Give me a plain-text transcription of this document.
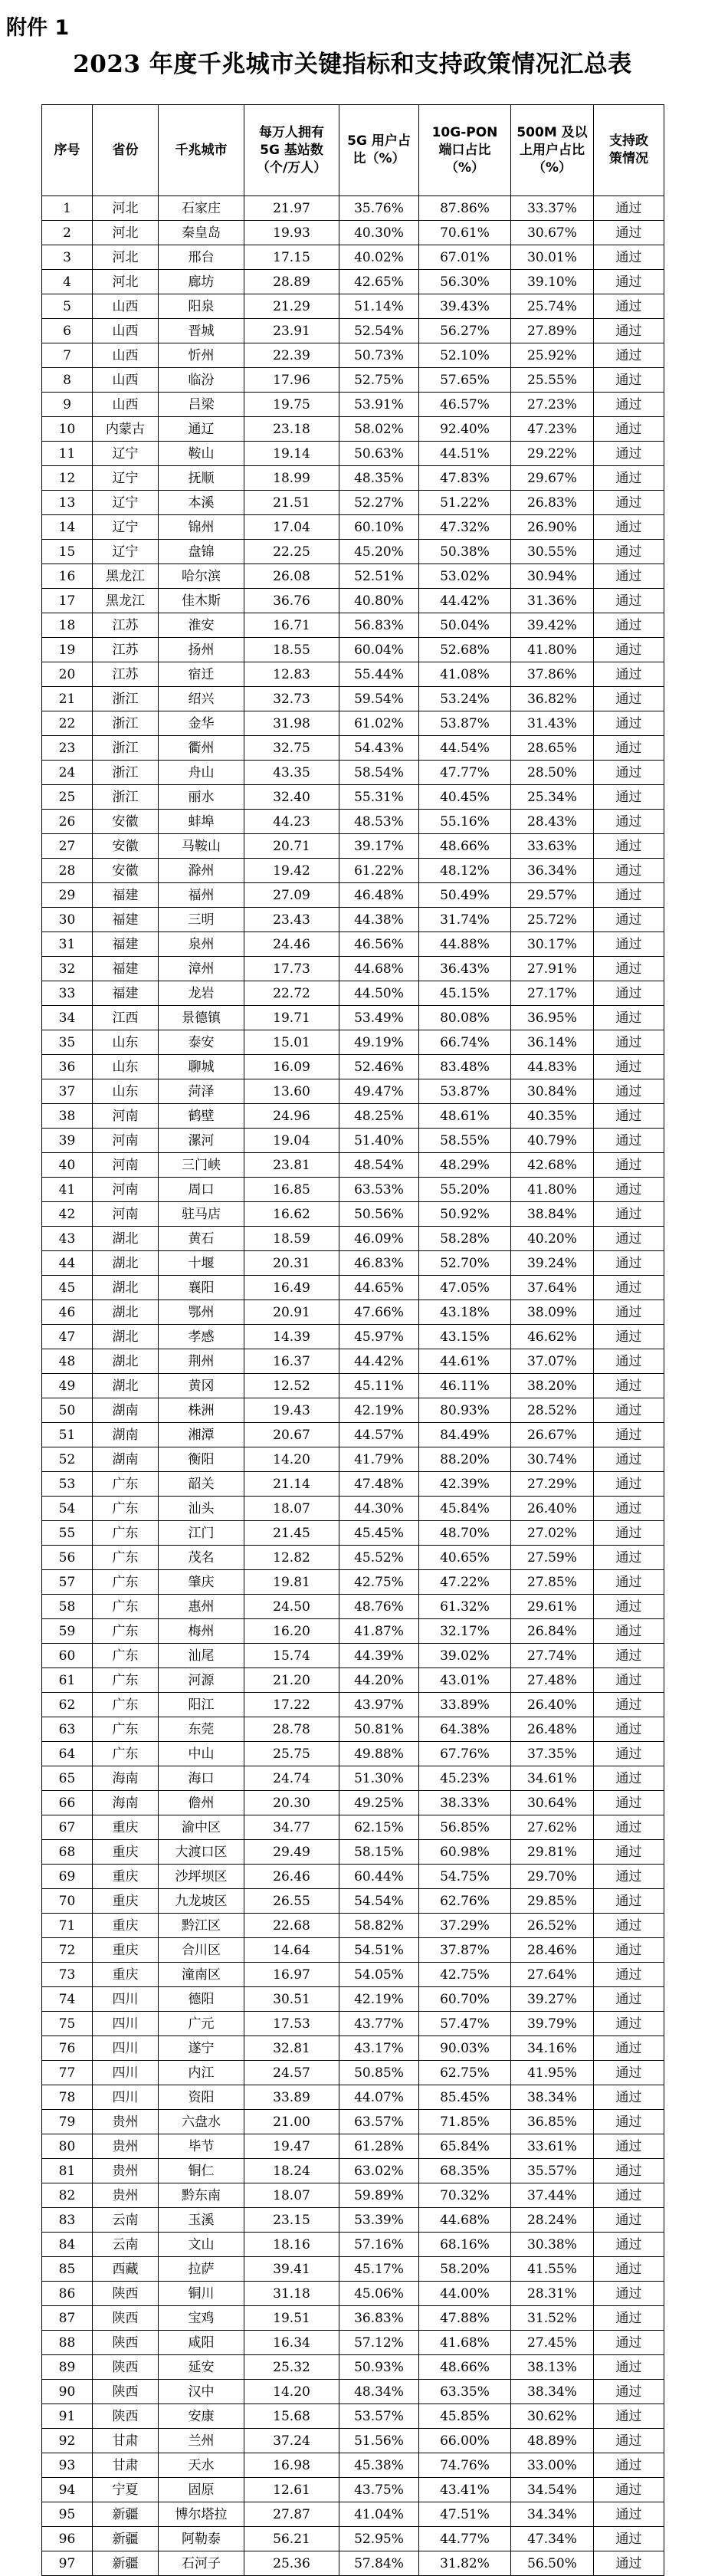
附件 1
2023 年度千兆城市关键指标和支持政策情况汇总表
序号	省份	千兆城市	每万人拥有 5G 基站数（个/万人）	5G 用户占比（%）	10G-PON 端口占比（%）	500M 及以上用户占比（%）	支持政策情况
1	河北	石家庄	21.97	35.76%	87.86%	33.37%	通过
2	河北	秦皇岛	19.93	40.30%	70.61%	30.67%	通过
3	河北	邢台	17.15	40.02%	67.01%	30.01%	通过
4	河北	廊坊	28.89	42.65%	56.30%	39.10%	通过
5	山西	阳泉	21.29	51.14%	39.43%	25.74%	通过
6	山西	晋城	23.91	52.54%	56.27%	27.89%	通过
7	山西	忻州	22.39	50.73%	52.10%	25.92%	通过
8	山西	临汾	17.96	52.75%	57.65%	25.55%	通过
9	山西	吕梁	19.75	53.91%	46.57%	27.23%	通过
10	内蒙古	通辽	23.18	58.02%	92.40%	47.23%	通过
11	辽宁	鞍山	19.14	50.63%	44.51%	29.22%	通过
12	辽宁	抚顺	18.99	48.35%	47.83%	29.67%	通过
13	辽宁	本溪	21.51	52.27%	51.22%	26.83%	通过
14	辽宁	锦州	17.04	60.10%	47.32%	26.90%	通过
15	辽宁	盘锦	22.25	45.20%	50.38%	30.55%	通过
16	黑龙江	哈尔滨	26.08	52.51%	53.02%	30.94%	通过
17	黑龙江	佳木斯	36.76	40.80%	44.42%	31.36%	通过
18	江苏	淮安	16.71	56.83%	50.04%	39.42%	通过
19	江苏	扬州	18.55	60.04%	52.68%	41.80%	通过
20	江苏	宿迁	12.83	55.44%	41.08%	37.86%	通过
21	浙江	绍兴	32.73	59.54%	53.24%	36.82%	通过
22	浙江	金华	31.98	61.02%	53.87%	31.43%	通过
23	浙江	衢州	32.75	54.43%	44.54%	28.65%	通过
24	浙江	舟山	43.35	58.54%	47.77%	28.50%	通过
25	浙江	丽水	32.40	55.31%	40.45%	25.34%	通过
26	安徽	蚌埠	44.23	48.53%	55.16%	28.43%	通过
27	安徽	马鞍山	20.71	39.17%	48.66%	33.63%	通过
28	安徽	滁州	19.42	61.22%	48.12%	36.34%	通过
29	福建	福州	27.09	46.48%	50.49%	29.57%	通过
30	福建	三明	23.43	44.38%	31.74%	25.72%	通过
31	福建	泉州	24.46	46.56%	44.88%	30.17%	通过
32	福建	漳州	17.73	44.68%	36.43%	27.91%	通过
33	福建	龙岩	22.72	44.50%	45.15%	27.17%	通过
34	江西	景德镇	19.71	53.49%	80.08%	36.95%	通过
35	山东	泰安	15.01	49.19%	66.74%	36.14%	通过
36	山东	聊城	16.09	52.46%	83.48%	44.83%	通过
37	山东	菏泽	13.60	49.47%	53.87%	30.84%	通过
38	河南	鹤壁	24.96	48.25%	48.61%	40.35%	通过
39	河南	漯河	19.04	51.40%	58.55%	40.79%	通过
40	河南	三门峡	23.81	48.54%	48.29%	42.68%	通过
41	河南	周口	16.85	63.53%	55.20%	41.80%	通过
42	河南	驻马店	16.62	50.56%	50.92%	38.84%	通过
43	湖北	黄石	18.59	46.09%	58.28%	40.20%	通过
44	湖北	十堰	20.31	46.83%	52.70%	39.24%	通过
45	湖北	襄阳	16.49	44.65%	47.05%	37.64%	通过
46	湖北	鄂州	20.91	47.66%	43.18%	38.09%	通过
47	湖北	孝感	14.39	45.97%	43.15%	46.62%	通过
48	湖北	荆州	16.37	44.42%	44.61%	37.07%	通过
49	湖北	黄冈	12.52	45.11%	46.11%	38.20%	通过
50	湖南	株洲	19.43	42.19%	80.93%	28.52%	通过
51	湖南	湘潭	20.67	44.57%	84.49%	26.67%	通过
52	湖南	衡阳	14.20	41.79%	88.20%	30.74%	通过
53	广东	韶关	21.14	47.48%	42.39%	27.29%	通过
54	广东	汕头	18.07	44.30%	45.84%	26.40%	通过
55	广东	江门	21.45	45.45%	48.70%	27.02%	通过
56	广东	茂名	12.82	45.52%	40.65%	27.59%	通过
57	广东	肇庆	19.81	42.75%	47.22%	27.85%	通过
58	广东	惠州	24.50	48.76%	61.32%	29.61%	通过
59	广东	梅州	16.20	41.87%	32.17%	26.84%	通过
60	广东	汕尾	15.74	44.39%	39.02%	27.74%	通过
61	广东	河源	21.20	44.20%	43.01%	27.48%	通过
62	广东	阳江	17.22	43.97%	33.89%	26.40%	通过
63	广东	东莞	28.78	50.81%	64.38%	26.48%	通过
64	广东	中山	25.75	49.88%	67.76%	37.35%	通过
65	海南	海口	24.74	51.30%	45.23%	34.61%	通过
66	海南	儋州	20.30	49.25%	38.33%	30.64%	通过
67	重庆	渝中区	34.77	62.15%	56.85%	27.62%	通过
68	重庆	大渡口区	29.49	58.15%	60.98%	29.81%	通过
69	重庆	沙坪坝区	26.46	60.44%	54.75%	29.70%	通过
70	重庆	九龙坡区	26.55	54.54%	62.76%	29.85%	通过
71	重庆	黔江区	22.68	58.82%	37.29%	26.52%	通过
72	重庆	合川区	14.64	54.51%	37.87%	28.46%	通过
73	重庆	潼南区	16.97	54.05%	42.75%	27.64%	通过
74	四川	德阳	30.51	42.19%	60.70%	39.27%	通过
75	四川	广元	17.53	43.77%	57.47%	39.79%	通过
76	四川	遂宁	32.81	43.17%	90.03%	34.16%	通过
77	四川	内江	24.57	50.85%	62.75%	41.95%	通过
78	四川	资阳	33.89	44.07%	85.45%	38.34%	通过
79	贵州	六盘水	21.00	63.57%	71.85%	36.85%	通过
80	贵州	毕节	19.47	61.28%	65.84%	33.61%	通过
81	贵州	铜仁	18.24	63.02%	68.35%	35.57%	通过
82	贵州	黔东南	18.07	59.89%	70.32%	37.44%	通过
83	云南	玉溪	23.15	53.39%	44.68%	28.24%	通过
84	云南	文山	18.16	57.16%	68.16%	30.38%	通过
85	西藏	拉萨	39.41	45.17%	58.20%	41.55%	通过
86	陕西	铜川	31.18	45.06%	44.00%	28.31%	通过
87	陕西	宝鸡	19.51	36.83%	47.88%	31.52%	通过
88	陕西	咸阳	16.34	57.12%	41.68%	27.45%	通过
89	陕西	延安	25.32	50.93%	48.66%	38.13%	通过
90	陕西	汉中	14.20	48.34%	63.35%	38.34%	通过
91	陕西	安康	15.68	53.57%	45.85%	30.62%	通过
92	甘肃	兰州	37.24	51.56%	66.00%	48.89%	通过
93	甘肃	天水	16.98	45.38%	74.76%	33.00%	通过
94	宁夏	固原	12.61	43.75%	43.41%	34.54%	通过
95	新疆	博尔塔拉	27.87	41.04%	47.51%	34.34%	通过
96	新疆	阿勒泰	56.21	52.95%	44.77%	47.34%	通过
97	新疆	石河子	25.36	57.84%	31.82%	56.50%	通过
